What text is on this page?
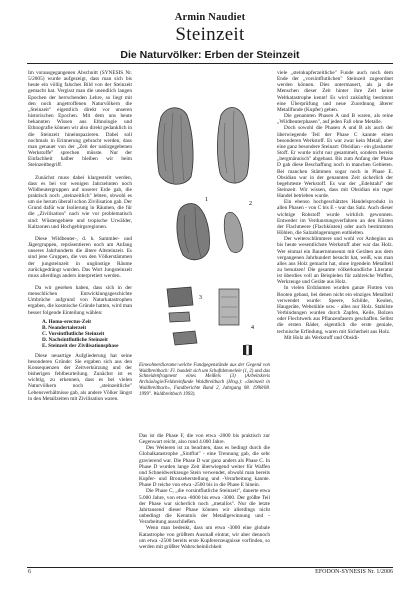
Armin Naudiet
Steinzeit
Die Naturvölker: Erben der Steinzeit

Im vorausgegangenen Abschnitt (SYNESIS Nr. 5/2005) wurde aufgezeigt, dass man sich bis heute ein völlig falsches Bild von der Steinzeit gemacht hat. Vergisst man die unendlich langen Epochen der herrschenden Lehre, so liegt mit den noch angetroffenen Naturvölkern die „Steinzeit" eigentlich direkt vor unseren historischen Epochen. Mit dem uns heute bekannten Wissen aus Ethnologie und Ethnografie können wir also direkt gedanklich in die Steinzeit hineinspazieren. Dabei soll nochmals in Erinnerung gebracht werden, dass man genauer von der „Zeit der natürgegebenen Werkstoffe" sprechen müsste. Nur der Einfachheit halber bleiben wir beim Steinzeitbegriff.

Zunächst muss dabei klargestellt werden, dass es bei vor wenigen Jahrzehnten noch Wildbeutergruppen auf unserer Erde gab, die praktisch noch „steinzeitlich" lebten, obwohl es um sie herum überall schon Zivilisation gab. Der Grund dafür war Isolierung in Räumen, die für die „Zivilisation" nach wie vor problematisch sind: Wüstengebiete und tropische Urwälder, Kaltzonen und Hochgebirgsregionen.

Diese Wildbeuter-, d. h. Sammler- und Jägergruppen, repräsentieren noch am Anfang unseres Jahrhunderts die ältere Altsteinzeit. Es sind jene Gruppen, die von den Völkerstämmen der jungsteinzeit in ungünstige Räume zurückgedrängt wurden. Das Wort Jungsteinzeit muss allerdings anders interpretiert werden.

Da wir gesehen haben, dass sich in der menschlichen Entwicklungsgeschichte Umbrüche aufgrund von Naturkatastrophen ergaben, die kosmische Gründe hatten, wird man besser folgende Einteilung wählen:

A. Homo-erectus-Zeit
B. Neandertalerzeit
C. Vorsintflutliche Steinzeit
D. Nachsintflutliche Steinzeit
E. Steinzeit der Zivilisationsphase

Diese neuartige Aufgliederung hat seine besonderen Gründe: Sie ergaben sich aus den Konsequenzen der Zeitverkürzung und der bisherigen fehlbeurteilung. Zunächst ist es wichtig, zu erkennen, dass es bei vielen Naturvölkern noch „steinzeitliche" Lebensverhältnisse gab, als andere Völker längst in den Metallzeiten mit Zivilisation waren.

1
2
3
4
Einwohnerdiorame:welche Fundgegenstände aus der Gegend von Waldbreitbach: Fl. bundelt sich um Schaftdetonelele (1, 2) und das Schneidenfragment eines Meißels (3) (Arbeitskreis Archäologie/Feldsteinfunde Waldbreitbach (Hrsg.): »Steinzeit in Waldbreitbach«, Fundberichte Band 2, Jahrgang 08. 1998/08. 1999". Waldbreitbach 1993).

Das ist die Phase F, die von etwa -2000 bis praktisch zur Gegenwart reicht, also rund 4.000 Jahre.

Des Weiteren ist zu beachten, dass es bedingt durch die Globalkatastrophe „Sintflut" - eine Trennung gab, die sehr gravierend war. Die Phase D war ganz anders als Phase C. In Phase D wurden lange Zeit überwiegend weiter für Waffen und Schneidwerkzeuge Stein verwendet, obwohl man bereits Kupfer- und Bronzeherstellung und -Verarbeitung kannte. Phase D reiche von etwa -2500 bis in die Phase E hinein.

Die Phase C, „die vorsintflutliche Steinzeit", dauerte etwa 5.000 Jahre, von etwa -8000 bis etwa -3000. Der größte Teil der Phase war sicherlich noch „metallos". Nur die letzte Jahrtausend dieser Phase können wir allerdings nicht unbedingt die Kenntnis der Metallgewinnung und -Verarbeitung ausschließen.

Wenn man bedenkt, dass um etwa -3000 eine globale Katastrophe von größtem Ausmaß eintrat, wir aber dennoch um etwa -2500 bereits erste Kupfererzeugnisse vorfinden, so werden mit größter Wahrscheinlichkeit

viele „steinkupferzeitliche" Funde auch noch dem Ende der „vorsintflutlichen" Steinzeit zugeordnet werden können. Dies untermauert, als ja die Menschen dieser Zeit hinter ihre Zeit keine Weltkatastrophe kennt! Es wird zukünftig bestimmt eine Überprüfung und neue Zuordnung älterer Metallfunde (Kupfer) geben.

Die genannten Phasen A und B waren, als reine „Wildbeuterphasen", auf jeden Fall ohne Metalle.

Doch sowohl die Phasen A und B als auch der überwiegende Teil der Phase C kannte einen besonderen Werkstoff. Es war zwar kein Metall, aber eine ganz besondere Steinart: Obsidian - ein glasharter Stoff. Er wurde nicht nur gesammelt, sondern bereits „bergmännisch" abgebaut. Bis zum Anfang der Phase D gab diese Beschaffung noch in manchen Gebieten. Bei manchen Stämmen sogar noch in Phase E. Obsidian war in der genannten Zeit sicherlich der begehrteste Werkstoff. Es war der „Edelstahl" der Steinzeit. Wir wissen, dass mit Obsidian ein reger Handel betrieben wurde.

Ein ebenso hochgeschätztes Handelsprodukt in allen Phasen - von C bis E - war das Salz. Auch dieser wichtige Rohstoff wurde wirklich gewonnen. Entweder im Verdunstungsverfahren an den Küsten der Flachmeere (Flachküsten) oder auch bestimmten Höhlen, die Salzablagerungen enthielten.

Der weiterschlimmere und wohl vor Anbeginn an bis heute wesentlichste Werkstoff aber war das Holz. Wer einmal ein Bauernmuseum mit Geräten aus dem vergangenen Jahrhundert besucht hat, weiß, was man alles aus Holz gemacht hat, ohne irgendein Metallteil zu benutzen! Die gesamte völkerkundliche Literatur ist überdies voll an Beispielen für zahlreiche Waffen, Werkzeuge und Geräte aus Holz.

In vielen Erdräumen wurden ganze Flotten von Booten gebaut, bei denen nicht ein einziges Metallteil verwendet wurde: Speere, Schilde, Keulen, Haugeräte, Webstühle usw. - alles nur Holz. Stabilste Verbindungen wurden durch Zapfen, Keile, Bolzen oder Flechtwerk aus Pflanzenfasern geschaffen. Selbst die ersten Räder, eigentlich die erste geniale, technische Erfindung, waren mit Sicherheit aus Holz.

Mit Holz als Werkstoff und Obsidi-

6	EFODON-SYNESIS Nr. 1/2006
